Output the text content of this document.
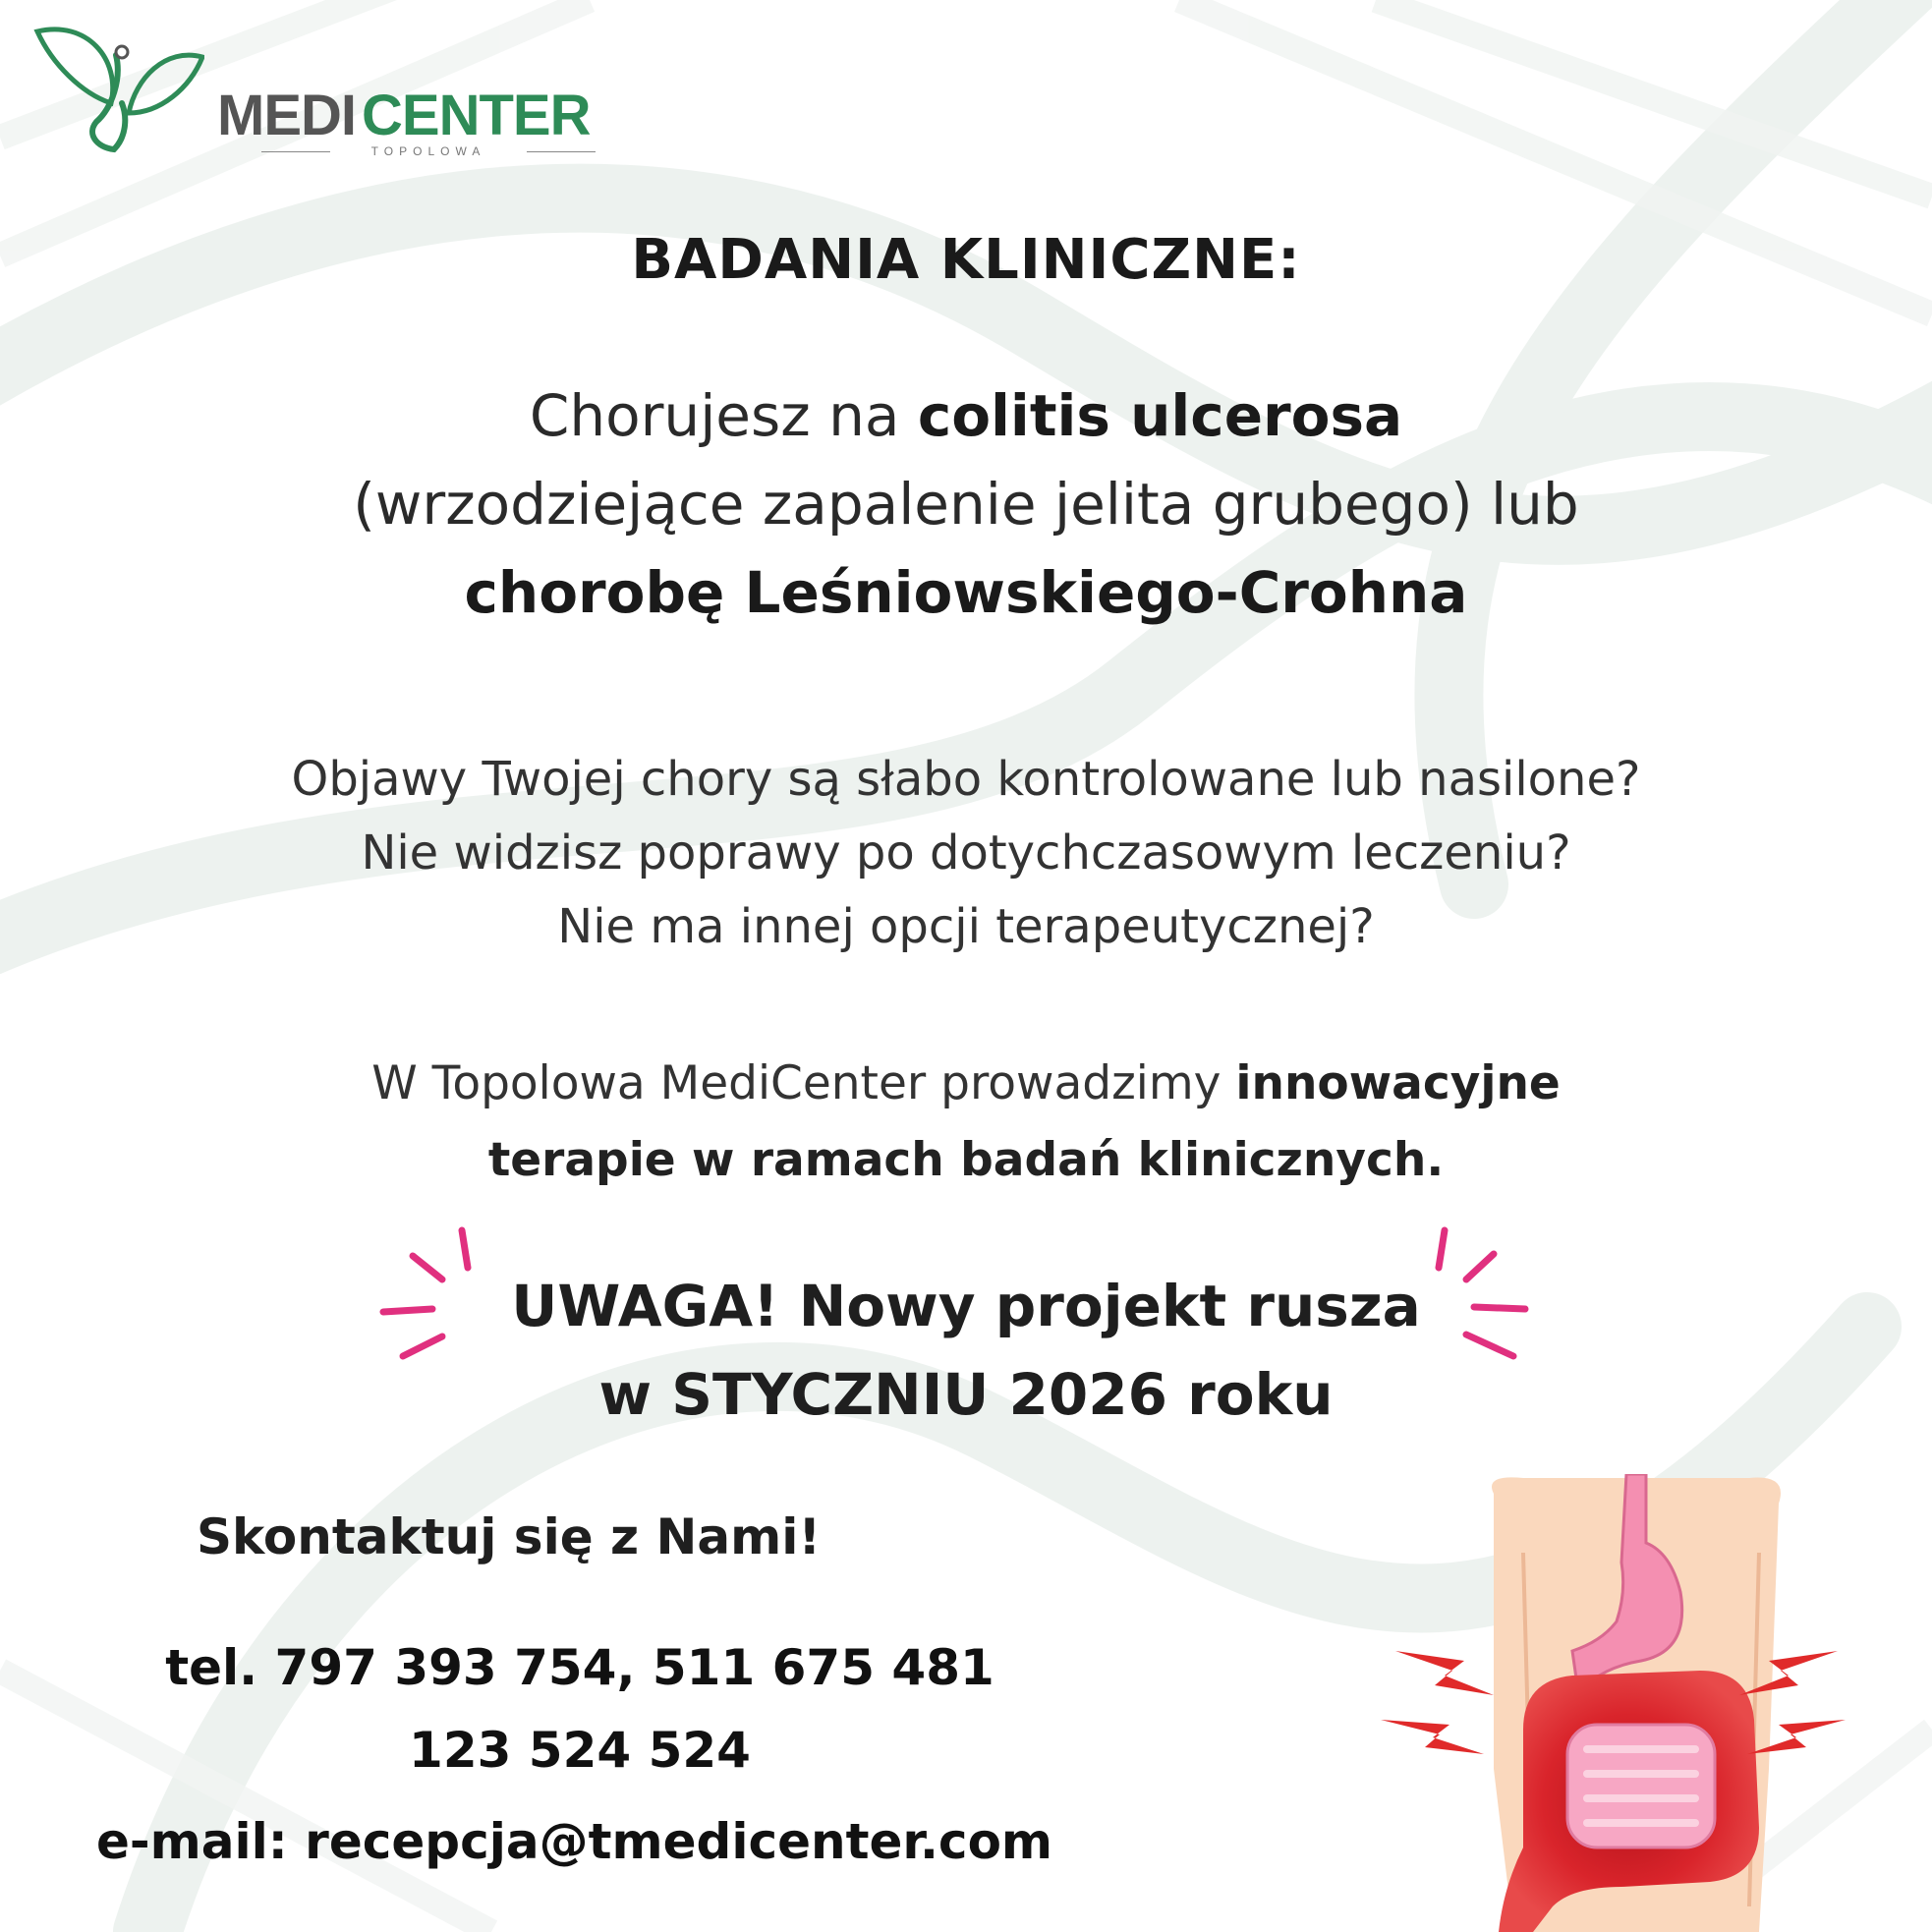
MEDI CENTER
TOPOLOWA
BADANIA KLINICZNE:
Chorujesz na colitis ulcerosa
(wrzodziejące zapalenie jelita grubego) lub
chorobę Leśniowskiego-Crohna
Objawy Twojej chory są słabo kontrolowane lub nasilone?
Nie widzisz poprawy po dotychczasowym leczeniu?
Nie ma innej opcji terapeutycznej?
W Topolowa MediCenter prowadzimy innowacyjne
terapie w ramach badań klinicznych.
UWAGA! Nowy projekt rusza
w STYCZNIU 2026 roku
Skontaktuj się z Nami!
tel. 797 393 754, 511 675 481
123 524 524
e-mail: recepcja@tmedicenter.com
